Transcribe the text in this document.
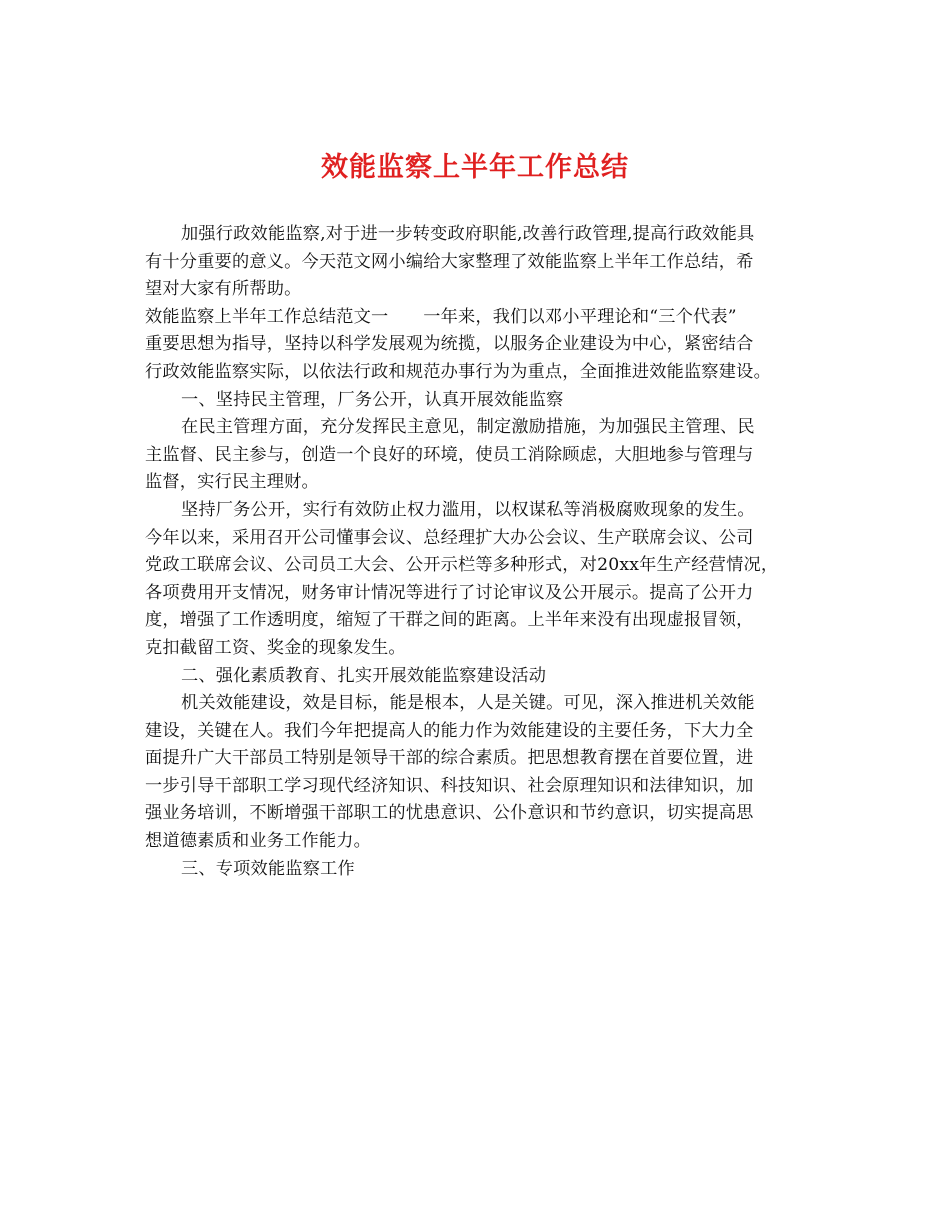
效能监察上半年工作总结

加强行政效能监察,对于进一步转变政府职能,改善行政管理,提高行政效能具

有十分重要的意义。今天范文网小编给大家整理了效能监察上半年工作总结，希

望对大家有所帮助。

效能监察上半年工作总结范文一　　一年来，我们以邓小平理论和“三个代表”

重要思想为指导，坚持以科学发展观为统揽，以服务企业建设为中心，紧密结合

行政效能监察实际，以依法行政和规范办事行为为重点，全面推进效能监察建设。

一、坚持民主管理，厂务公开，认真开展效能监察

在民主管理方面，充分发挥民主意见，制定激励措施，为加强民主管理、民

主监督、民主参与，创造一个良好的环境，使员工消除顾虑，大胆地参与管理与

监督，实行民主理财。

坚持厂务公开，实行有效防止权力滥用，以权谋私等消极腐败现象的发生。

今年以来，采用召开公司懂事会议、总经理扩大办公会议、生产联席会议、公司

党政工联席会议、公司员工大会、公开示栏等多种形式，对20xx年生产经营情况，

各项费用开支情况，财务审计情况等进行了讨论审议及公开展示。提高了公开力

度，增强了工作透明度，缩短了干群之间的距离。上半年来没有出现虚报冒领，

克扣截留工资、奖金的现象发生。

二、强化素质教育、扎实开展效能监察建设活动

机关效能建设，效是目标，能是根本，人是关键。可见，深入推进机关效能

建设，关键在人。我们今年把提高人的能力作为效能建设的主要任务，下大力全

面提升广大干部员工特别是领导干部的综合素质。把思想教育摆在首要位置，进

一步引导干部职工学习现代经济知识、科技知识、社会原理知识和法律知识，加

强业务培训，不断增强干部职工的忧患意识、公仆意识和节约意识，切实提高思

想道德素质和业务工作能力。

三、专项效能监察工作
